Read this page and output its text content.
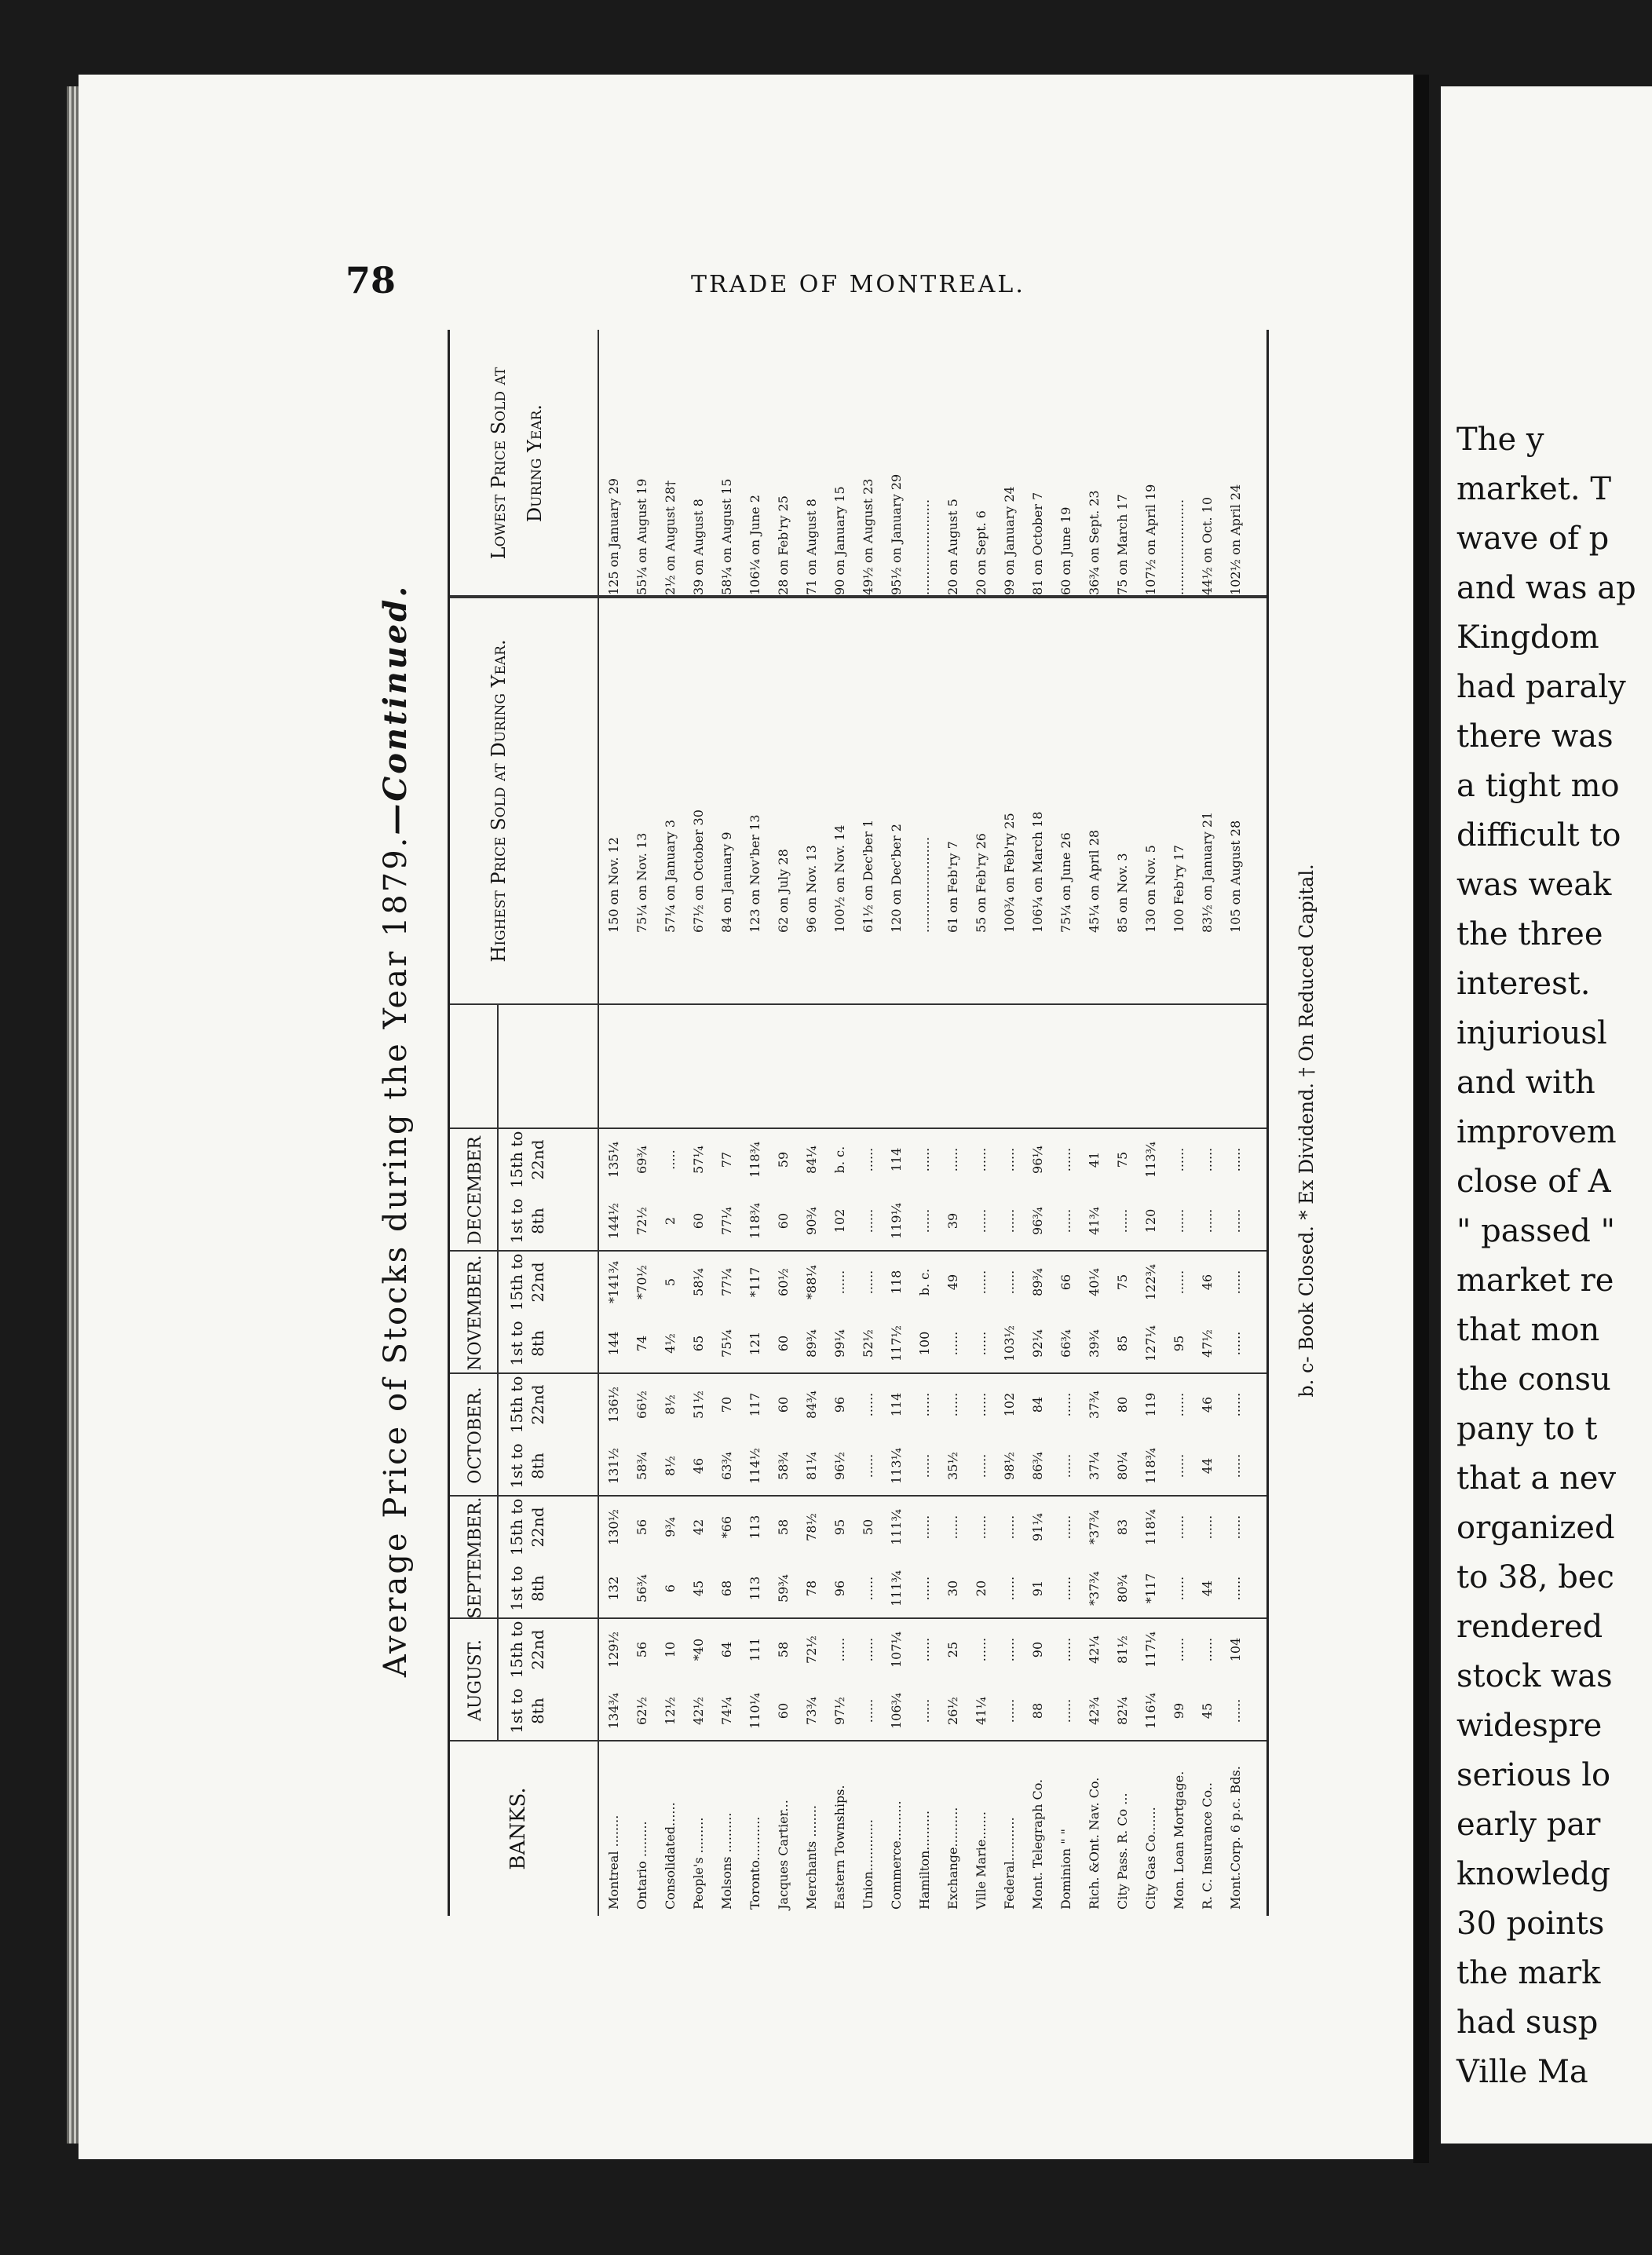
78	TRADE OF MONTREAL.
Average Price of Stocks during the Year 1879.—Continued.
BANKS.
AUGUST.
SEPTEMBER.
OCTOBER.
NOVEMBER.
DECEMBER
1st to 8th
15th to 22nd
1st to 8th
15th to 22nd
1st to 8th
15th to 22nd
1st to 8th
15th to 22nd
1st to 8th
15th to 22nd
Highest Price Sold at During Year.
Lowest Price Sold at During Year.
Montreal ........
134¾
129½
132
130½
131½
136½
144
*141¾
144½
135¼
150 on Nov. 12
125 on January 29
Ontario .........
62½
56
56¾
56
58¾
66½
74
*70½
72½
69¾
75¼ on Nov. 13
55¼ on August 19
Consolidated......
12½
10
6
9¾
8½
8½
4½
5
2
.....
57¼ on January 3
2½ on August 28†
People's .........
42½
*40
45
42
46
51½
65
58¼
60
57¼
67½ on October 30
39 on August 8
Molsons ..........
74¼
64
68
*66
63¾
70
75¼
77¼
77¼
77
84 on January 9
58¼ on August 15
Toronto...........
110¼
111
113
113
114½
117
121
*117
118¾
118¾
123 on Nov'ber 13
106¼ on June 2
Jacques Cartier...
60
58
59¾
58
58¾
60
60
60½
60
59
62 on July 28
28 on Feb'ry 25
Merchants ........
73¾
72½
78
78½
81¼
84¾
89¾
*88¼
90¾
84¼
96 on Nov. 13
71 on August 8
Eastern Townships.
97½
......
96
95
96½
96
99¼
......
102
b. c.
100½ on Nov. 14
90 on January 15
Union.............
......
......
......
50
......
......
52½
......
......
......
61½ on Dec'ber 1
49½ on August 23
Commerce..........
106¾
107¼
111¾
111¾
113¼
114
117½
118
119¼
114
120 on Dec'ber 2
95½ on January 29
Hamilton..........
......
......
......
......
......
......
100
b. c.
......
......
........................
........................
Exchange..........
26½
25
30
......
35½
......
......
49
39
......
61 on Feb'ry 7
20 on August 5
Ville Marie.......
41¼
......
20
......
......
......
......
......
......
......
55 on Feb'ry 26
20 on Sept. 6
Federal...........
......
......
......
......
98½
102
103½
......
......
......
100¾ on Feb'ry 25
99 on January 24
Mont. Telegraph Co.
88
90
91
91¼
86¾
84
92¼
89¾
96¾
96¼
106¼ on March 18
81 on October 7
Dominion " "
......
......
......
......
......
......
66¾
66
......
......
75¼ on June 26
60 on June 19
Rich. &Ont. Nav. Co.
42¾
42¼
*37¾
*37¾
37¼
37¾
39¾
40¼
41¾
41
45¼ on April 28
36¾ on Sept. 23
City Pass. R. Co ...
82¼
81½
80¾
83
80¼
80
85
75
......
75
85 on Nov. 3
75 on March 17
City Gas Co.......
116¼
117¼
*117
118¼
118¾
119
127¼
122¾
120
113¾
130 on Nov. 5
107½ on April 19
Mon. Loan Mortgage.
99
......
......
......
......
......
95
......
......
......
100 Feb'ry 17
........................
R. C. Insurance Co..
45
......
44
......
44
46
47½
46
......
......
83½ on January 21
44½ on Oct. 10
Mont.Corp. 6 p.c. Bds.
......
104
......
......
......
......
......
......
......
......
105 on August 28
102½ on April 24
b. c- Book Closed. * Ex Dividend. † On Reduced Capital.
The y
market. T
wave of p
and was ap
Kingdom
had paraly
there was
a tight mo
difficult to
was weak
the three
interest.
injuriousl
and with
improvem
close of A
" passed "
market re
that mon
the consu
pany to t
that a nev
organized
to 38, bec
rendered
stock was
widespre
serious lo
early par
knowledg
30 points
the mark
had susp
Ville Ma
